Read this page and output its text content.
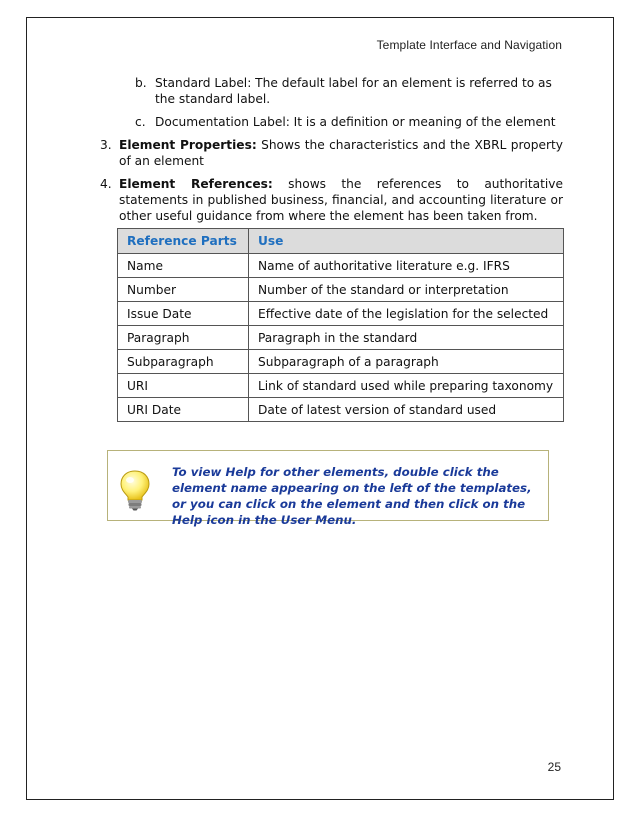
Template Interface and Navigation
b. Standard Label: The default label for an element is referred to as the standard label.
c. Documentation Label: It is a definition or meaning of the element
3. Element Properties: Shows the characteristics and the XBRL property of an element
4. Element References: shows the references to authoritative statements in published business, financial, and accounting literature or other useful guidance from where the element has been taken from.
Reference Parts	Use
Name	Name of authoritative literature e.g. IFRS
Number	Number of the standard or interpretation
Issue Date	Effective date of the legislation for the selected
Paragraph	Paragraph in the standard
Subparagraph	Subparagraph of a paragraph
URI	Link of standard used while preparing taxonomy
URI Date	Date of latest version of standard used
To view Help for other elements, double click the element name appearing on the left of the templates, or you can click on the element and then click on the Help icon in the User Menu.
25
